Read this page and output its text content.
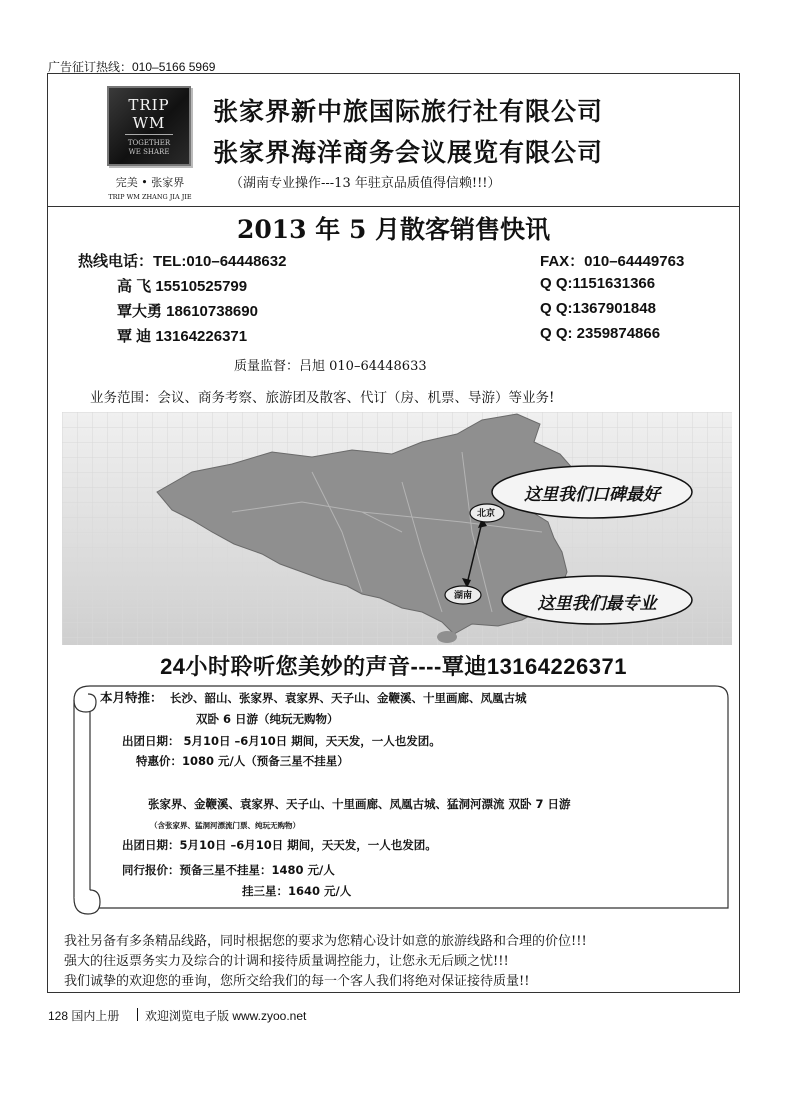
广告征订热线：010–5166 5969
TRIP
WM
TOGETHER
WE SHARE
完美 • 张家界
TRIP WM ZHANG JIA JIE
张家界新中旅国际旅行社有限公司
张家界海洋商务会议展览有限公司
（湖南专业操作---13 年驻京品质值得信赖!!!）
2013 年 5 月散客销售快讯
热线电话：TEL:010–64448632	FAX：010–64449763
高 飞 15510525799	Q Q:1151631366
覃大勇 18610738690	Q Q:1367901848
覃 迪 13164226371	Q Q: 2359874866
质量监督：吕旭 010–64448633
业务范围：会议、商务考察、旅游团及散客、代订（房、机票、导游）等业务!
北京
湖南
这里我们口碑最好
这里我们最专业
24小时聆听您美妙的声音----覃迪13164226371
本月特推： 长沙、韶山、张家界、袁家界、天子山、金鞭溪、十里画廊、凤凰古城
双卧 6 日游（纯玩无购物）
出团日期： 5月10日 –6月10日 期间，天天发，一人也发团。
特惠价：1080 元/人（预备三星不挂星）
张家界、金鞭溪、袁家界、天子山、十里画廊、凤凰古城、猛洞河漂流 双卧 7 日游
（含张家界、猛洞河漂流门票、纯玩无购物）
出团日期：5月10日 –6月10日 期间，天天发，一人也发团。
同行报价：预备三星不挂星：1480 元/人
挂三星：1640 元/人
我社另备有多条精品线路，同时根据您的要求为您精心设计如意的旅游线路和合理的价位!!!
强大的往返票务实力及综合的计调和接待质量调控能力，让您永无后顾之忧!!!
我们诚挚的欢迎您的垂询，您所交给我们的每一个客人我们将绝对保证接待质量!!
128 国内上册 欢迎浏览电子版 www.zyoo.net
